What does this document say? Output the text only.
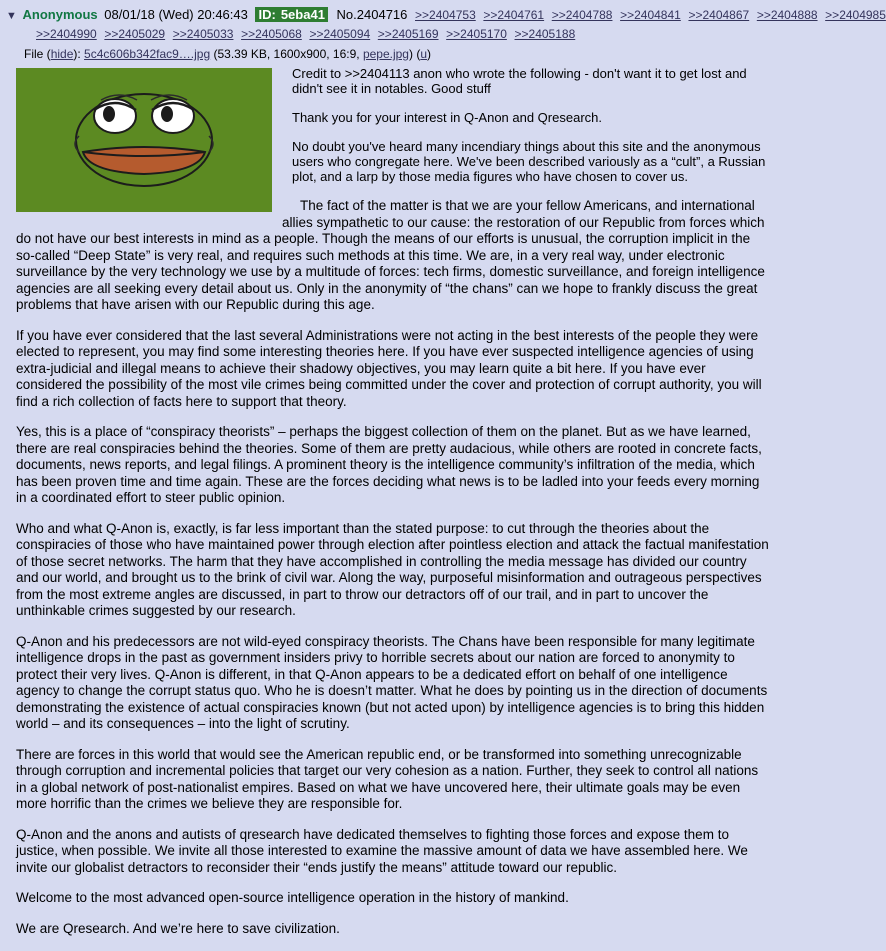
▼ Anonymous 08/01/18 (Wed) 20:46:43 ID: 5eba41 No.2404716 >>2404753 >>2404761 >>2404788 >>2404841 >>2404867 >>2404888 >>2404985
>>2404990 >>2405029 >>2405033 >>2405068 >>2405094 >>2405169 >>2405170 >>2405188
File (hide): 5c4c606b342fac9….jpg (53.39 KB, 1600x900, 16:9, pepe.jpg) (u)

Credit to >>2404113 anon who wrote the following - don't want it to get lost and didn't see it in notables. Good stuff

Thank you for your interest in Q-Anon and Qresearch.

No doubt you've heard many incendiary things about this site and the anonymous users who congregate here. We've been described variously as a “cult”, a Russian plot, and a larp by those media figures who have chosen to cover us.

The fact of the matter is that we are your fellow Americans, and international allies sympathetic to our cause: the restoration of our Republic from forces which do not have our best interests in mind as a people. Though the means of our efforts is unusual, the corruption implicit in the so-called “Deep State” is very real, and requires such methods at this time. We are, in a very real way, under electronic surveillance by the very technology we use by a multitude of forces: tech firms, domestic surveillance, and foreign intelligence agencies are all seeking every detail about us. Only in the anonymity of “the chans” can we hope to frankly discuss the great problems that have arisen with our Republic during this age.

If you have ever considered that the last several Administrations were not acting in the best interests of the people they were elected to represent, you may find some interesting theories here. If you have ever suspected intelligence agencies of using extra-judicial and illegal means to achieve their shadowy objectives, you may learn quite a bit here. If you have ever considered the possibility of the most vile crimes being committed under the cover and protection of corrupt authority, you will find a rich collection of facts here to support that theory.

Yes, this is a place of “conspiracy theorists” – perhaps the biggest collection of them on the planet. But as we have learned, there are real conspiracies behind the theories. Some of them are pretty audacious, while others are rooted in concrete facts, documents, news reports, and legal filings. A prominent theory is the intelligence community’s infiltration of the media, which has been proven time and time again. These are the forces deciding what news is to be ladled into your feeds every morning in a coordinated effort to steer public opinion.

Who and what Q-Anon is, exactly, is far less important than the stated purpose: to cut through the theories about the conspiracies of those who have maintained power through election after pointless election and attack the factual manifestation of those secret networks. The harm that they have accomplished in controlling the media message has divided our country and our world, and brought us to the brink of civil war. Along the way, purposeful misinformation and outrageous perspectives from the most extreme angles are discussed, in part to throw our detractors off of our trail, and in part to uncover the unthinkable crimes suggested by our research.

Q-Anon and his predecessors are not wild-eyed conspiracy theorists. The Chans have been responsible for many legitimate intelligence drops in the past as government insiders privy to horrible secrets about our nation are forced to anonymity to protect their very lives. Q-Anon is different, in that Q-Anon appears to be a dedicated effort on behalf of one intelligence agency to change the corrupt status quo. Who he is doesn’t matter. What he does by pointing us in the direction of documents demonstrating the existence of actual conspiracies known (but not acted upon) by intelligence agencies is to bring this hidden world – and its consequences – into the light of scrutiny.

There are forces in this world that would see the American republic end, or be transformed into something unrecognizable through corruption and incremental policies that target our very cohesion as a nation. Further, they seek to control all nations in a global network of post-nationalist empires. Based on what we have uncovered here, their ultimate goals may be even more horrific than the crimes we believe they are responsible for.

Q-Anon and the anons and autists of qresearch have dedicated themselves to fighting those forces and expose them to justice, when possible. We invite all those interested to examine the massive amount of data we have assembled here. We invite our globalist detractors to reconsider their “ends justify the means” attitude toward our republic.

Welcome to the most advanced open-source intelligence operation in the history of mankind.

We are Qresearch. And we’re here to save civilization.
